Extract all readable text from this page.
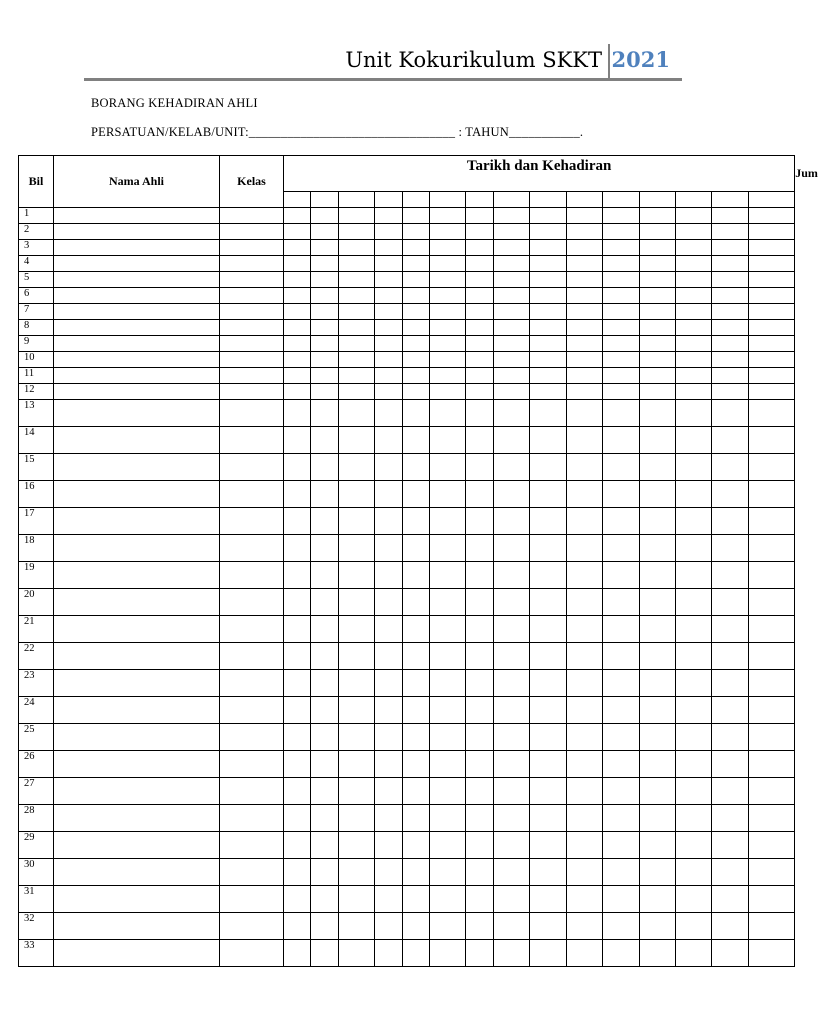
Unit Kokurikulum SKKT 2021
BORANG KEHADIRAN AHLI
PERSATUAN/KELAB/UNIT:________________________________ : TAHUN___________.
Bil	Nama Ahli	Kelas	Tarikh dan Kehadiran															Jum

1																		
2																		
3																		
4																		
5																		
6																		
7																		
8																		
9																		
10																		
11																		
12																		
13																		
14																		
15																		
16																		
17																		
18																		
19																		
20																		
21																		
22																		
23																		
24																		
25																		
26																		
27																		
28																		
29																		
30																		
31																		
32																		
33																		
